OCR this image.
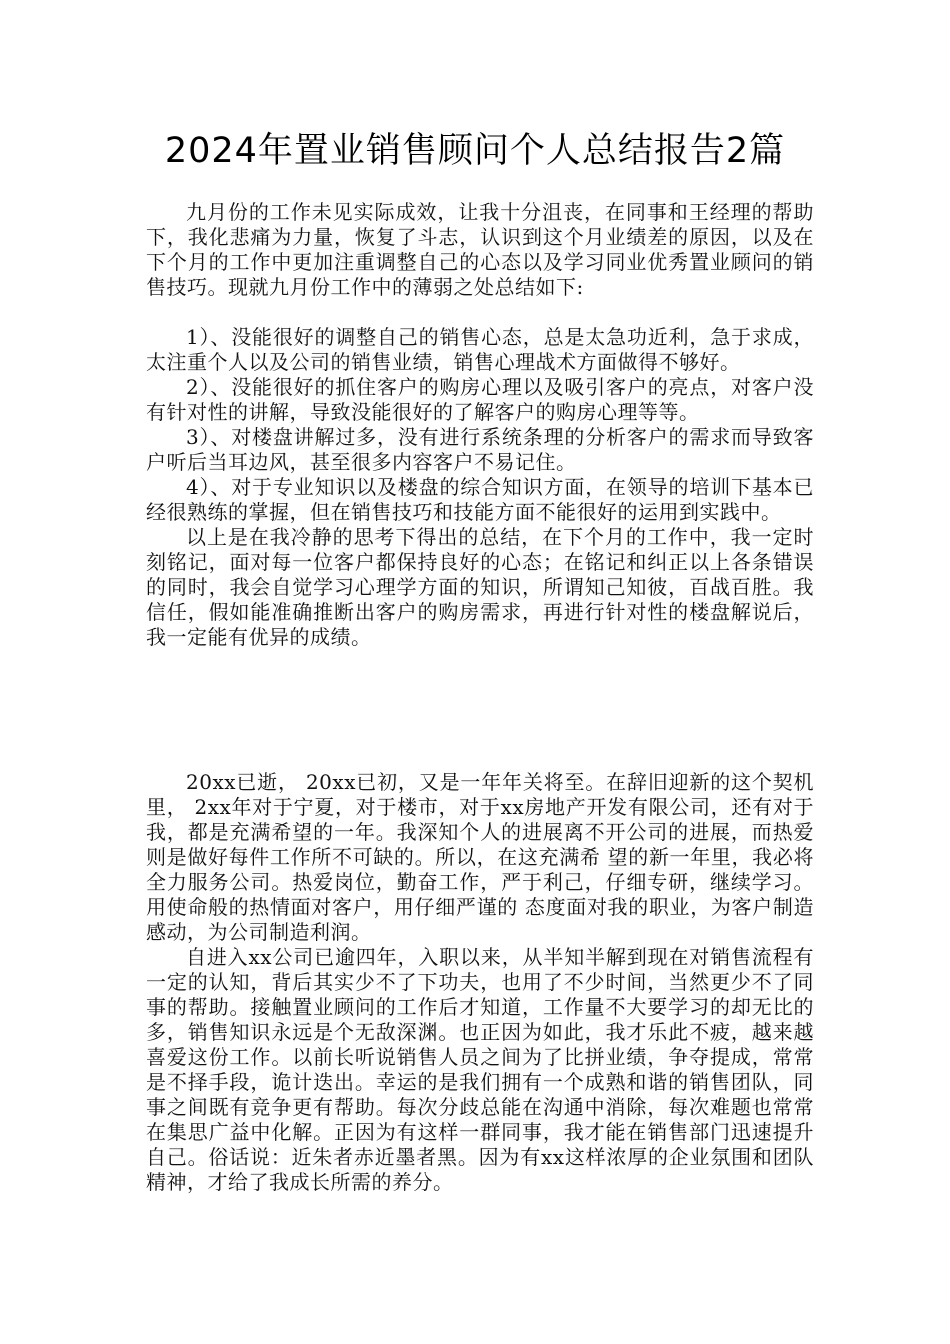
2024年置业销售顾问个人总结报告2篇

九月份的工作未见实际成效，让我十分沮丧，在同事和王经理的帮助下，我化悲痛为力量，恢复了斗志，认识到这个月业绩差的原因，以及在下个月的工作中更加注重调整自己的心态以及学习同业优秀置业顾问的销售技巧。现就九月份工作中的薄弱之处总结如下:

1）、没能很好的调整自己的销售心态，总是太急功近利，急于求成，太注重个人以及公司的销售业绩，销售心理战术方面做得不够好。

2）、没能很好的抓住客户的购房心理以及吸引客户的亮点，对客户没有针对性的讲解，导致没能很好的了解客户的购房心理等等。

3）、对楼盘讲解过多，没有进行系统条理的分析客户的需求而导致客户听后当耳边风，甚至很多内容客户不易记住。

4）、对于专业知识以及楼盘的综合知识方面，在领导的培训下基本已经很熟练的掌握，但在销售技巧和技能方面不能很好的运用到实践中。

以上是在我冷静的思考下得出的总结，在下个月的工作中，我一定时刻铭记，面对每一位客户都保持良好的心态；在铭记和纠正以上各条错误的同时，我会自觉学习心理学方面的知识，所谓知己知彼，百战百胜。我信任，假如能准确推断出客户的购房需求，再进行针对性的楼盘解说后，我一定能有优异的成绩。

20xx已逝， 20xx已初，又是一年年关将至。在辞旧迎新的这个契机里， 2xx年对于宁夏，对于楼市，对于xx房地产开发有限公司，还有对于我，都是充满希望的一年。我深知个人的进展离不开公司的进展，而热爱则是做好每件工作所不可缺的。所以，在这充满希 望的新一年里，我必将全力服务公司。热爱岗位，勤奋工作，严于利己，仔细专研，继续学习。用使命般的热情面对客户，用仔细严谨的 态度面对我的职业，为客户制造感动，为公司制造利润。

自进入xx公司已逾四年，入职以来，从半知半解到现在对销售流程有一定的认知，背后其实少不了下功夫，也用了不少时间，当然更少不了同事的帮助。接触置业顾问的工作后才知道，工作量不大要学习的却无比的多，销售知识永远是个无敌深渊。也正因为如此，我才乐此不疲，越来越喜爱这份工作。以前长听说销售人员之间为了比拼业绩，争夺提成，常常是不择手段，诡计迭出。幸运的是我们拥有一个成熟和谐的销售团队，同事之间既有竞争更有帮助。每次分歧总能在沟通中消除，每次难题也常常在集思广益中化解。正因为有这样一群同事，我才能在销售部门迅速提升自己。俗话说：近朱者赤近墨者黑。因为有xx这样浓厚的企业氛围和团队精神，才给了我成长所需的养分。
